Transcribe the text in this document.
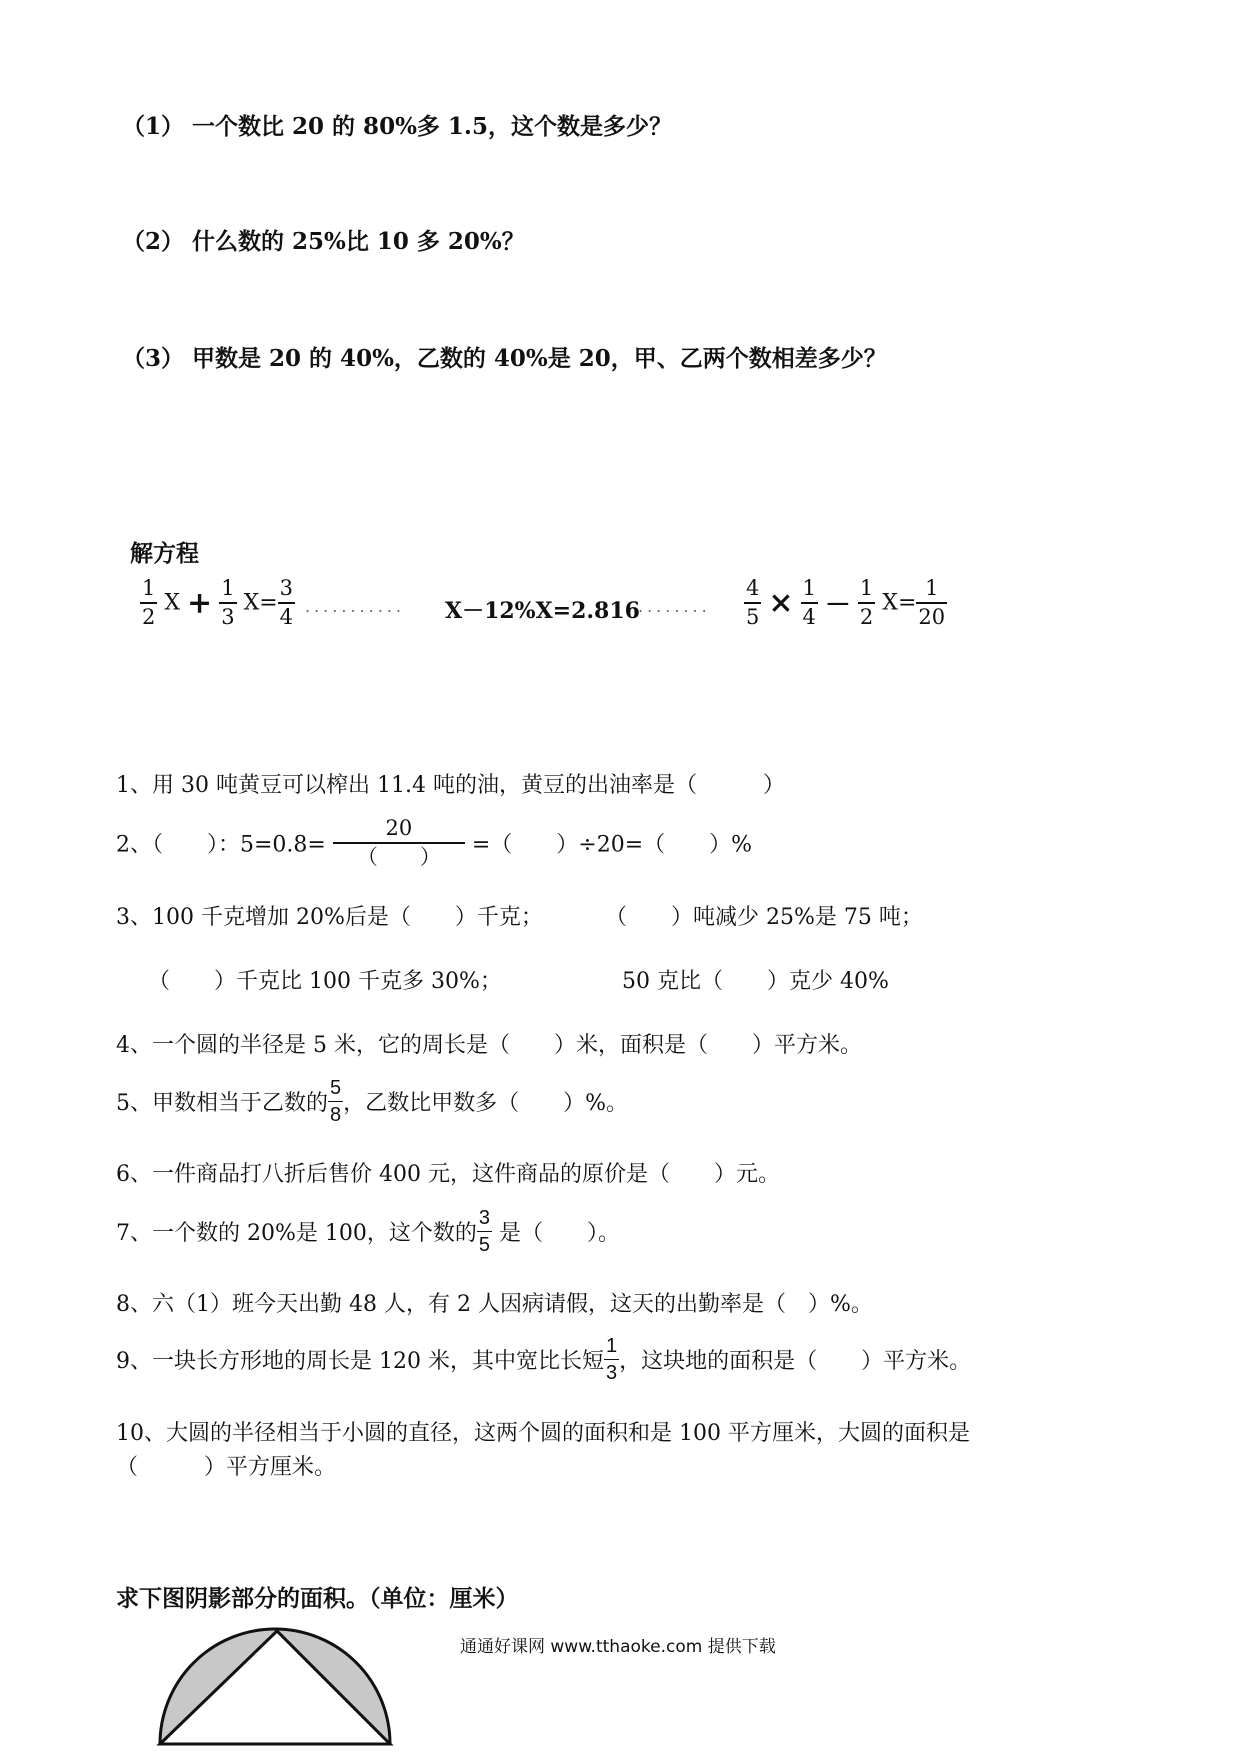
（1） 一个数比 20 的 80%多 1.5，这个数是多少？
（2） 什么数的 25%比 10 多 20%？
（3） 甲数是 20 的 40%，乙数的 40%是 20，甲、乙两个数相差多少？
解方程
$\frac{1}{2}$ $X + \frac{1}{3} X= \frac{3}{4}$ ........... X－12%X=2.816
........ $\frac{4}{5} \times \frac{1}{4} - \frac{1}{2} X= \frac{1}{20}$
1、用 30 吨黄豆可以榨出 11.4 吨的油，黄豆的出油率是（　　　）
2、（　　）：$5=0.8= \frac{20}{( )}$ =（　　）÷20=（　　）%
3、100 千克增加 20%后是（　　）千克；	（　　）吨减少 25%是 75 吨；
（　　）千克比 100 千克多 30%；	50 克比（　　）克少 40%
4、一个圆的半径是 5 米，它的周长是（　　）米，面积是（　　）平方米。
5、甲数相当于乙数的 $\frac{5}{8}$ ，乙数比甲数多（　　）%。
6、一件商品打八折后售价 400 元，这件商品的原价是（　　）元。
7、一个数的 20%是 100，这个数的 $\frac{3}{5}$ 是（　　）。
8、六（1）班今天出勤 48 人，有 2 人因病请假，这天的出勤率是（　）%。
9、一块长方形地的周长是 120 米，其中宽比长短 $\frac{1}{3}$ ，这块地的面积是（　　）平方米。
10、大圆的半径相当于小圆的直径，这两个圆的面积和是 100 平方厘米，大圆的面积是
（　　　）平方厘米。
求下图阴影部分的面积。（单位：厘米）
通通好课网 www.tthaoke.com 提供下载
